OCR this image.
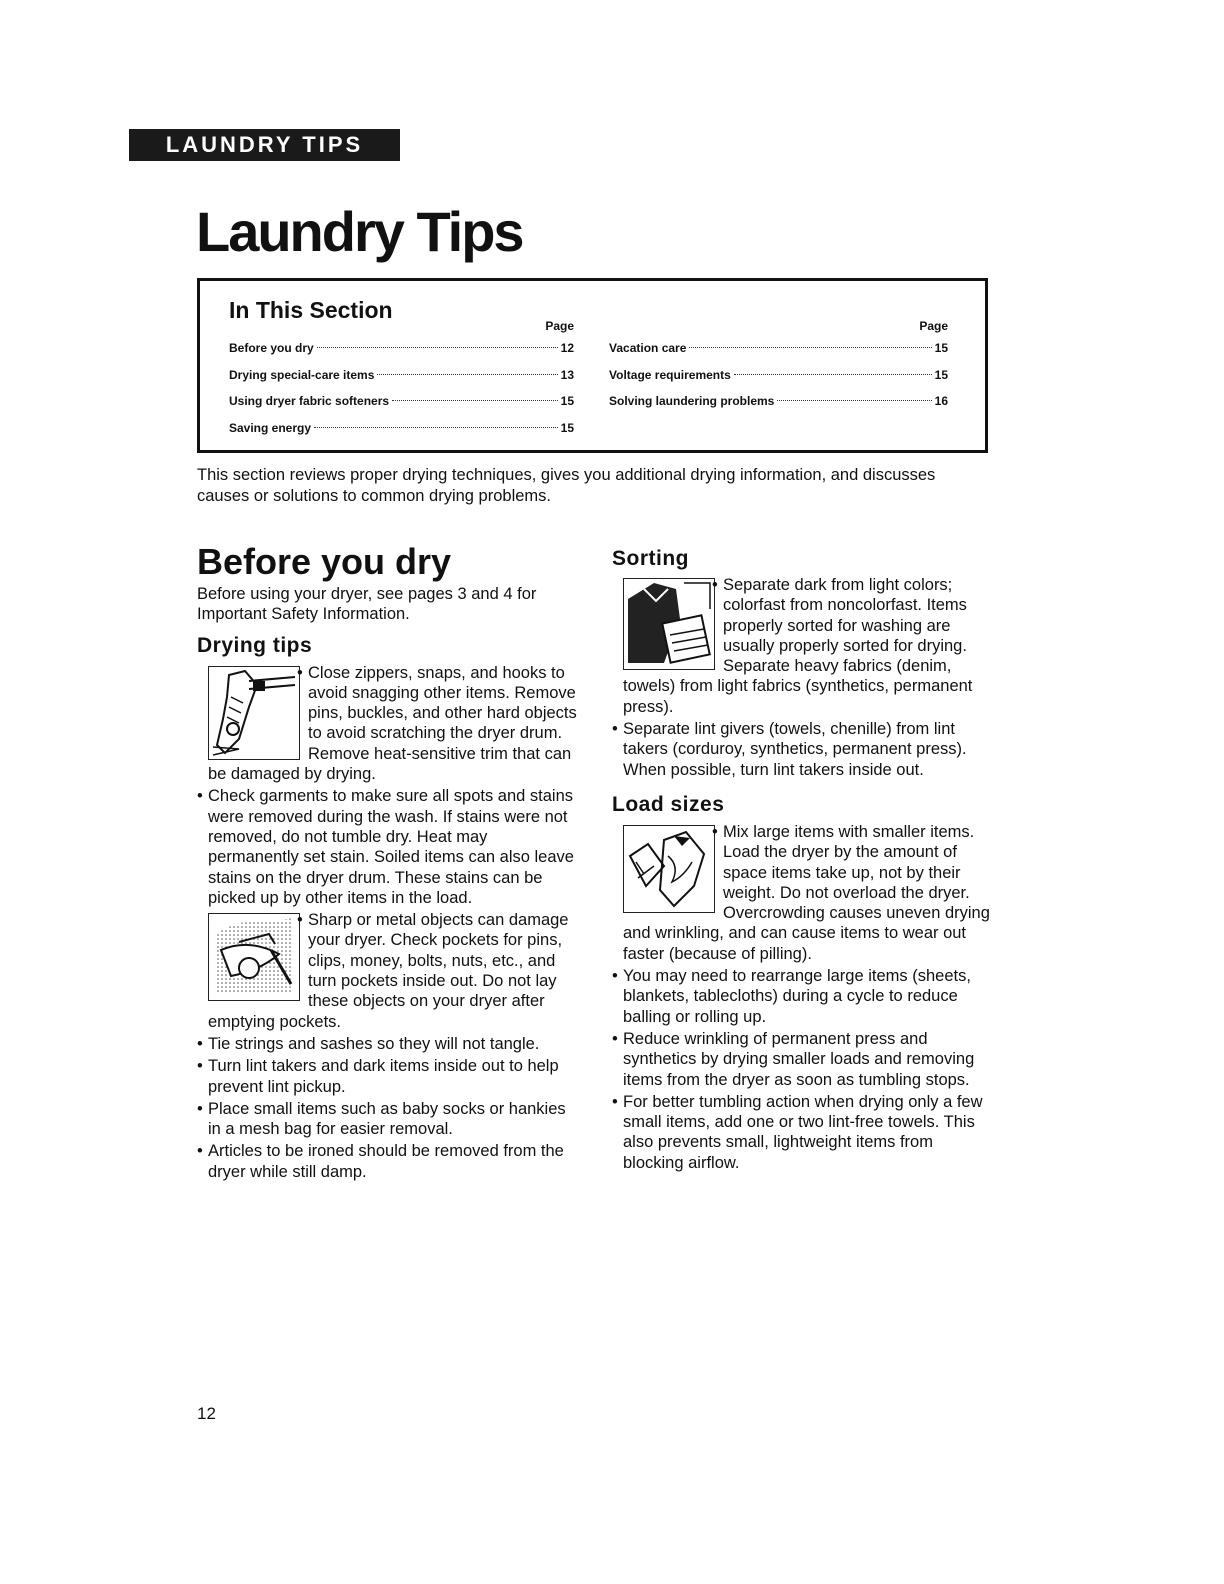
LAUNDRY TIPS
Laundry Tips
In This Section
Page
Before you dry	12
Drying special-care items	13
Using dryer fabric softeners	15
Saving energy	15
Page
Vacation care	15
Voltage requirements	15
Solving laundering problems	16

This section reviews proper drying techniques, gives you additional drying information, and discusses causes or solutions to common drying problems.

Before you dry

Before using your dryer, see pages 3 and 4 for Important Safety Information.

Drying tips
• Close zippers, snaps, and hooks to avoid snagging other items. Remove pins, buckles, and other hard objects to avoid scratching the dryer drum. Remove heat-sensitive trim that can be damaged by drying.
• Check garments to make sure all spots and stains were removed during the wash. If stains were not removed, do not tumble dry. Heat may permanently set stain. Soiled items can also leave stains on the dryer drum. These stains can be picked up by other items in the load.
• Sharp or metal objects can damage your dryer. Check pockets for pins, clips, money, bolts, nuts, etc., and turn pockets inside out. Do not lay these objects on your dryer after emptying pockets.
• Tie strings and sashes so they will not tangle.
• Turn lint takers and dark items inside out to help prevent lint pickup.
• Place small items such as baby socks or hankies in a mesh bag for easier removal.
• Articles to be ironed should be removed from the dryer while still damp.
Sorting
• Separate dark from light colors; colorfast from noncolorfast. Items properly sorted for washing are usually properly sorted for drying. Separate heavy fabrics (denim, towels) from light fabrics (synthetics, permanent press).
• Separate lint givers (towels, chenille) from lint takers (corduroy, synthetics, permanent press). When possible, turn lint takers inside out.
Load sizes
• Mix large items with smaller items. Load the dryer by the amount of space items take up, not by their weight. Do not overload the dryer. Overcrowding causes uneven drying and wrinkling, and can cause items to wear out faster (because of pilling).
• You may need to rearrange large items (sheets, blankets, tablecloths) during a cycle to reduce balling or rolling up.
• Reduce wrinkling of permanent press and synthetics by drying smaller loads and removing items from the dryer as soon as tumbling stops.
• For better tumbling action when drying only a few small items, add one or two lint-free towels. This also prevents small, lightweight items from blocking airflow.
12
